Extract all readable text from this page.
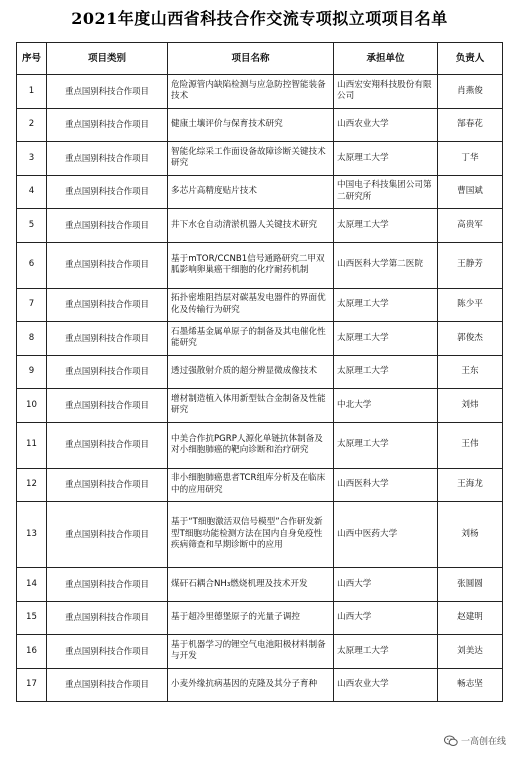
2021年度山西省科技合作交流专项拟立项项目名单
序号	项目类别	项目名称	承担单位	负责人
1	重点国别科技合作项目	危险源管内缺陷检测与应急防控智能装备技术	山西宏安翔科技股份有限公司	肖燕俊
2	重点国别科技合作项目	健康土壤评价与保育技术研究	山西农业大学	郜春花
3	重点国别科技合作项目	智能化综采工作面设备故障诊断关键技术研究	太原理工大学	丁华
4	重点国别科技合作项目	多芯片高精度贴片技术	中国电子科技集团公司第二研究所	曹国斌
5	重点国别科技合作项目	井下水仓自动清淤机器人关键技术研究	太原理工大学	高贵军
6	重点国别科技合作项目	基于mTOR/CCNB1信号通路研究二甲双胍影响卵巢癌干细胞的化疗耐药机制	山西医科大学第二医院	王静芳
7	重点国别科技合作项目	拓扑密堆阻挡层对碳基发电器件的界面优化及传输行为研究	太原理工大学	陈少平
8	重点国别科技合作项目	石墨烯基金属单原子的制备及其电催化性能研究	太原理工大学	郭俊杰
9	重点国别科技合作项目	透过强散射介质的超分辨显微成像技术	太原理工大学	王东
10	重点国别科技合作项目	增材制造植入体用新型钛合金制备及性能研究	中北大学	刘炜
11	重点国别科技合作项目	中美合作抗PGRP人源化单链抗体制备及对小细胞肺癌的靶向诊断和治疗研究	太原理工大学	王伟
12	重点国别科技合作项目	非小细胞肺癌患者TCR组库分析及在临床中的应用研究	山西医科大学	王海龙
13	重点国别科技合作项目	基于“T细胞激活双信号模型”合作研发新型T细胞功能检测方法在国内自身免疫性疾病筛查和早期诊断中的应用	山西中医药大学	刘杨
14	重点国别科技合作项目	煤矸石耦合NH₃燃烧机理及技术开发	山西大学	张圆圆
15	重点国别科技合作项目	基于超冷里德堡原子的光量子调控	山西大学	赵建明
16	重点国别科技合作项目	基于机器学习的锂空气电池阳极材料制备与开发	太原理工大学	刘美达
17	重点国别科技合作项目	小麦外缘抗病基因的克隆及其分子育种	山西农业大学	畅志坚
一高创在线
